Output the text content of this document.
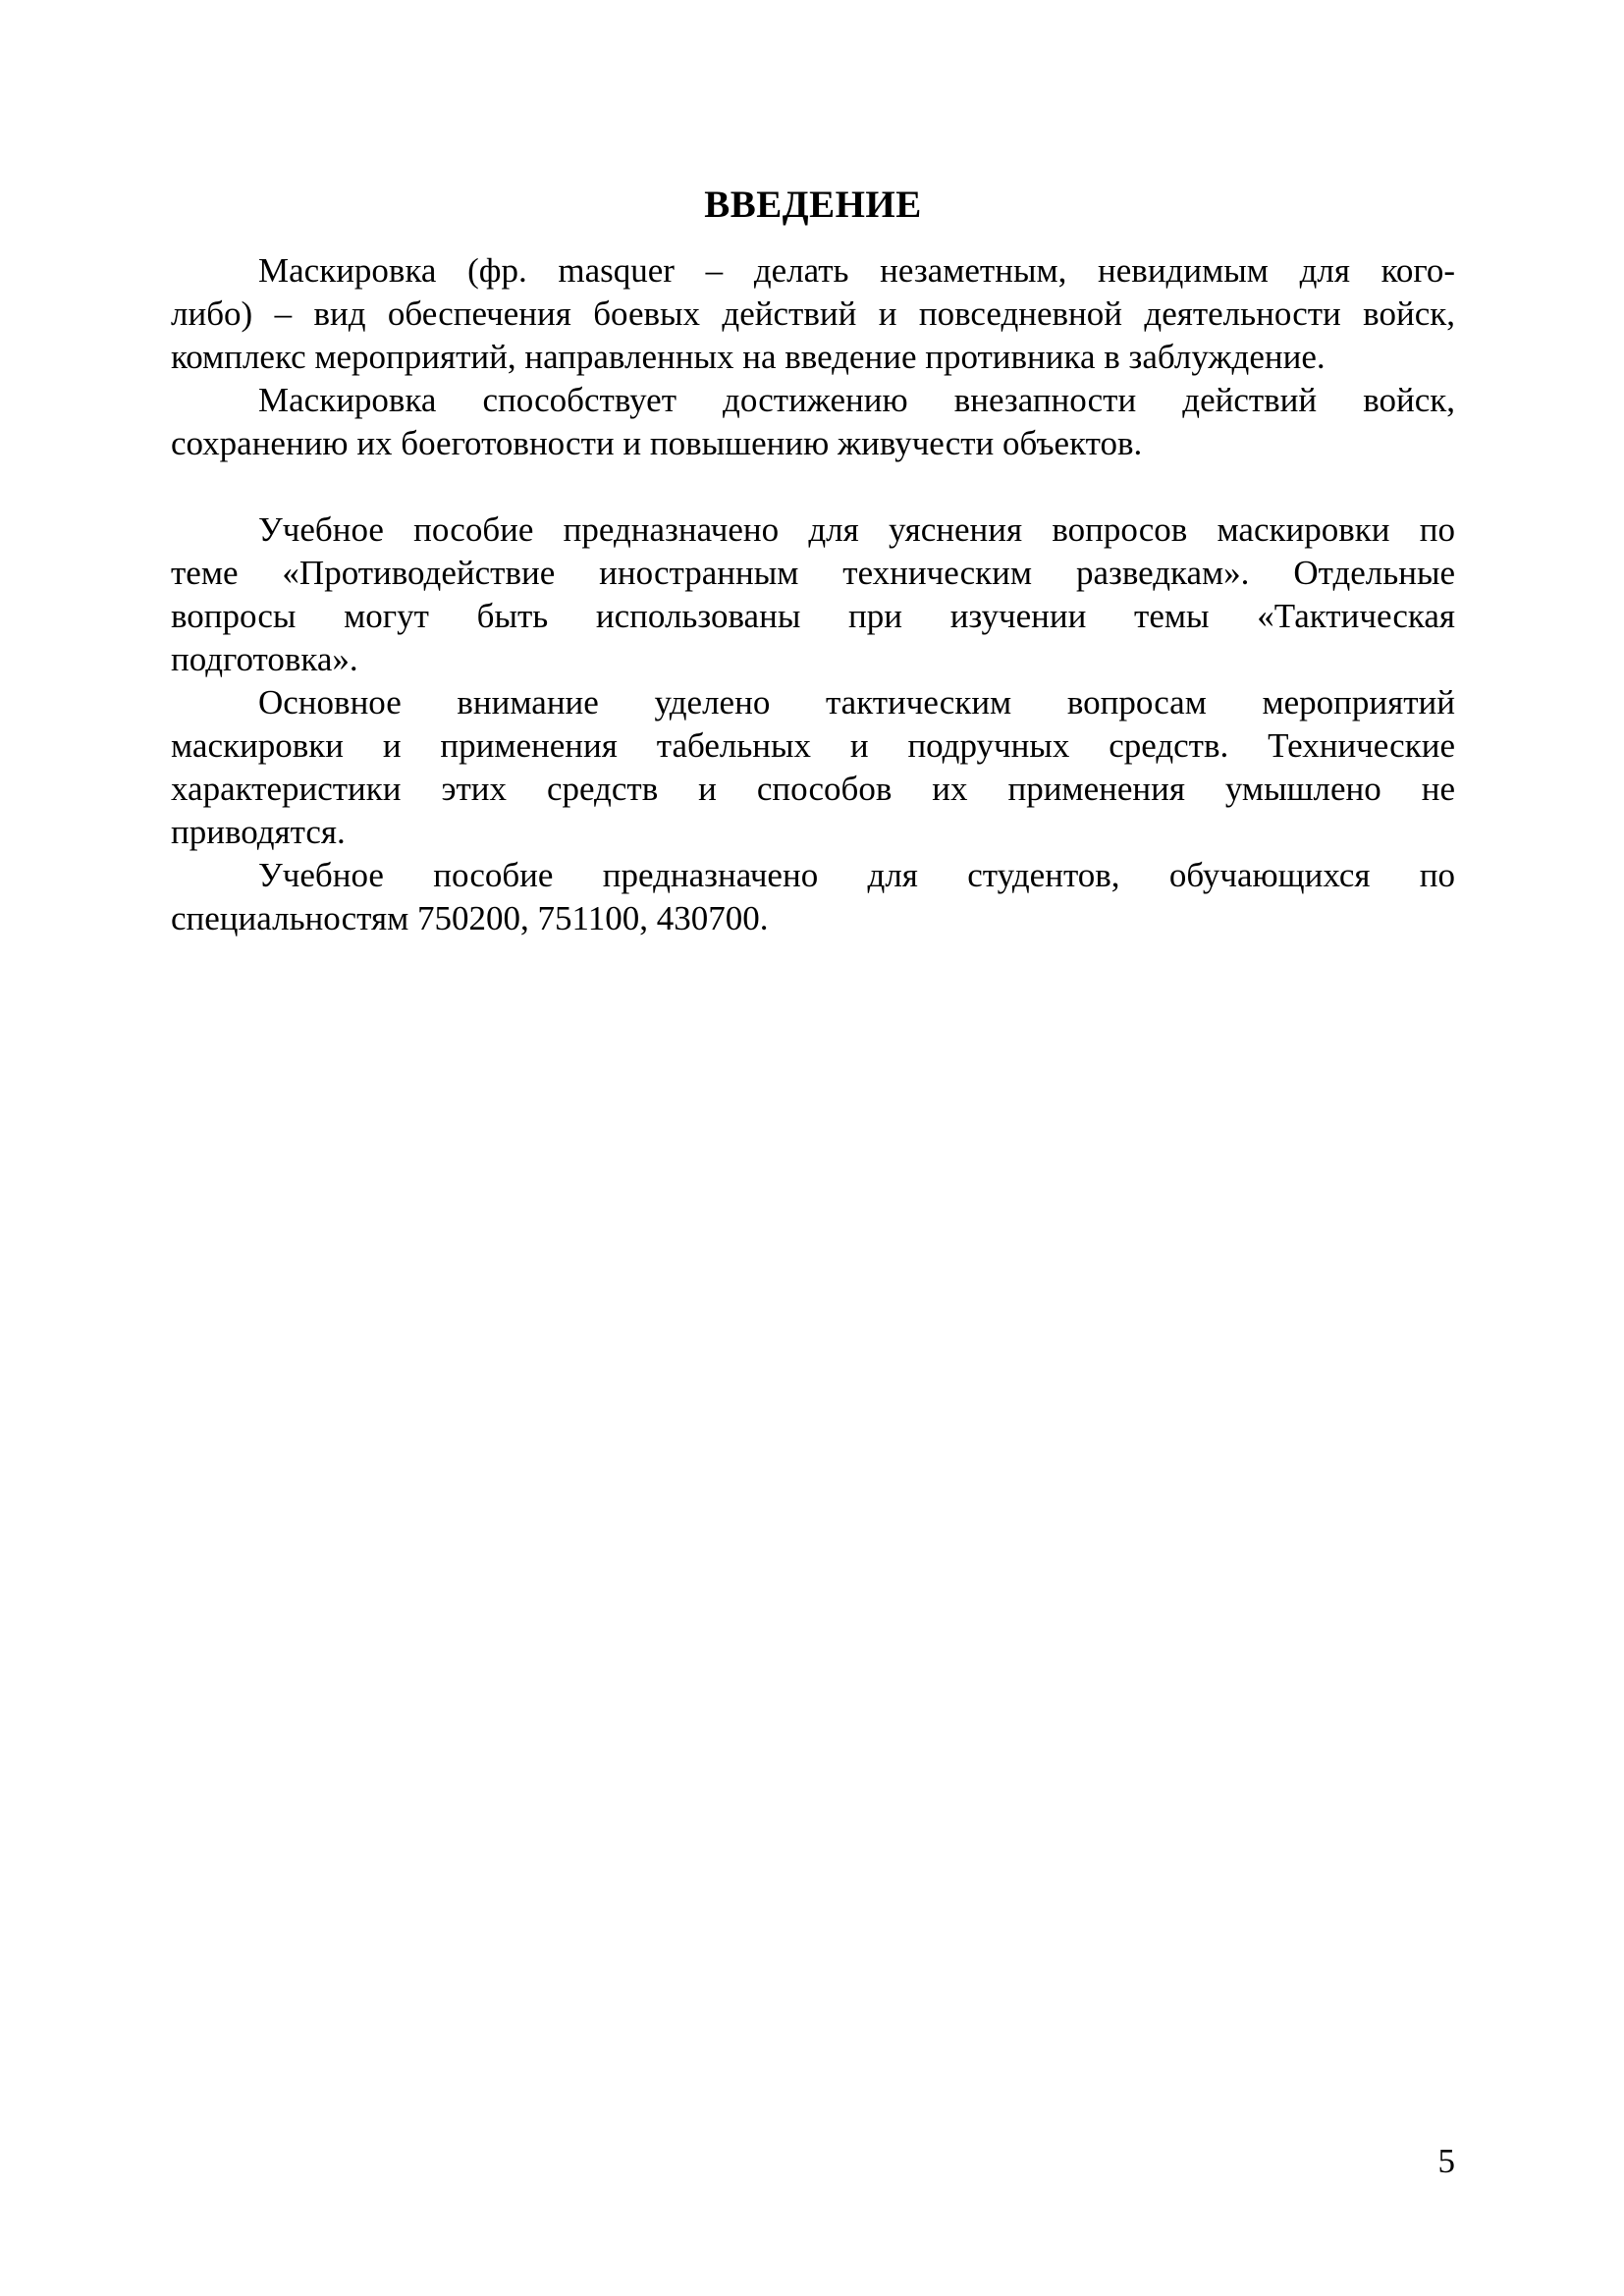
ВВЕДЕНИЕ
Маскировка (фр. masquer – делать незаметным, невидимым для кого-
либо) – вид обеспечения боевых действий и повседневной деятельности войск,
комплекс мероприятий, направленных на введение противника в заблуждение.
Маскировка способствует достижению внезапности действий войск,
сохранению их боеготовности и повышению живучести объектов.
Учебное пособие предназначено для уяснения вопросов маскировки по
теме «Противодействие иностранным техническим разведкам». Отдельные
вопросы могут быть использованы при изучении темы «Тактическая
подготовка».
Основное внимание уделено тактическим вопросам мероприятий
маскировки и применения табельных и подручных средств. Технические
характеристики этих средств и способов их применения умышлено не
приводятся.
Учебное пособие предназначено для студентов, обучающихся по
специальностям 750200, 751100, 430700.
5
